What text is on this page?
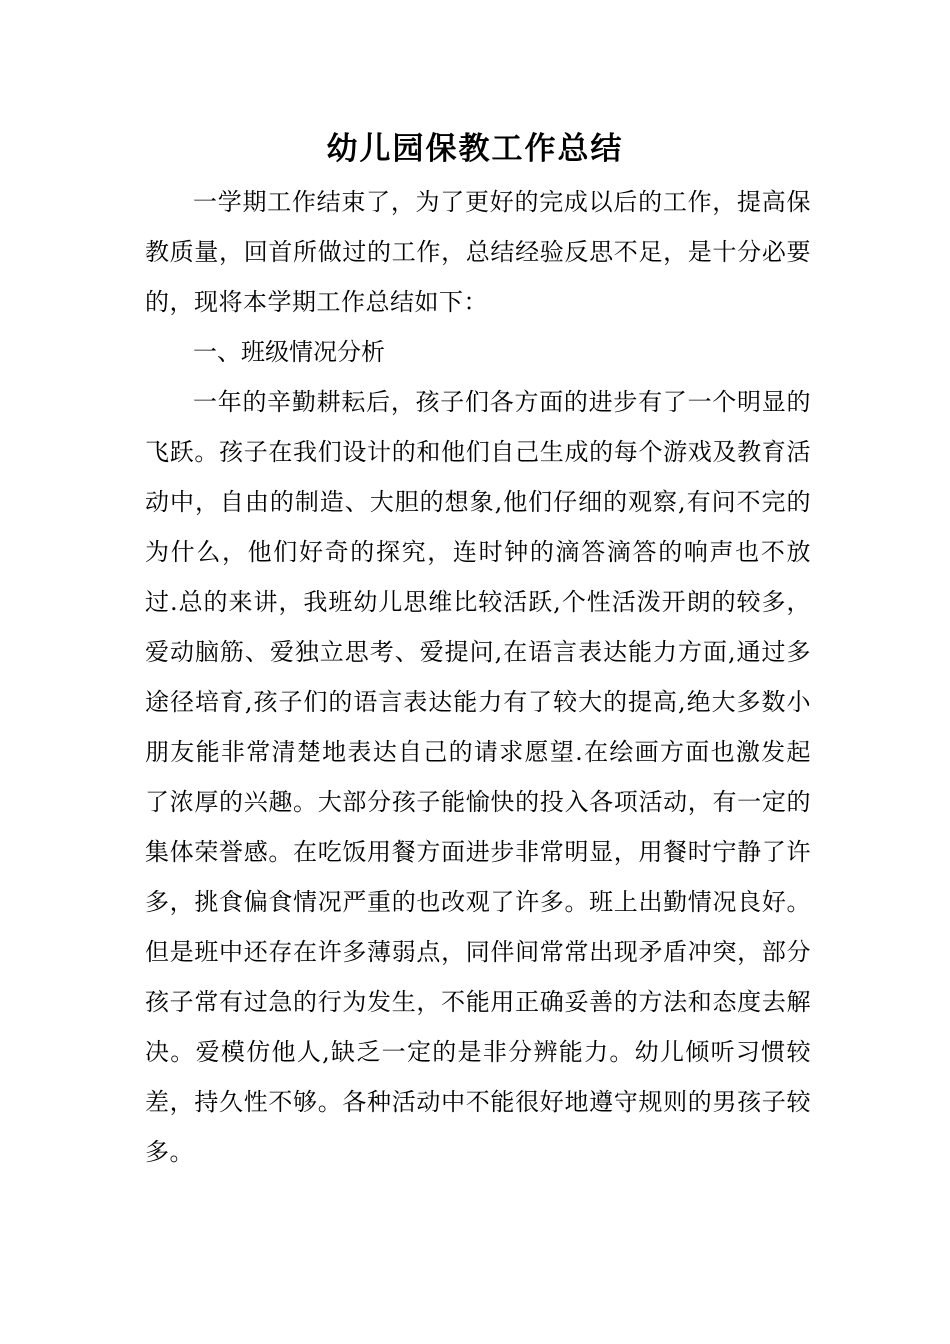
幼儿园保教工作总结

一学期工作结束了，为了更好的完成以后的工作，提高保教质量，回首所做过的工作，总结经验反思不足，是十分必要的，现将本学期工作总结如下：

一、班级情况分析

一年的辛勤耕耘后，孩子们各方面的进步有了一个明显的飞跃。孩子在我们设计的和他们自己生成的每个游戏及教育活动中，自由的制造、大胆的想象,他们仔细的观察,有问不完的为什么，他们好奇的探究，连时钟的滴答滴答的响声也不放过.总的来讲，我班幼儿思维比较活跃,个性活泼开朗的较多，爱动脑筋、爱独立思考、爱提问,在语言表达能力方面,通过多途径培育,孩子们的语言表达能力有了较大的提高,绝大多数小朋友能非常清楚地表达自己的请求愿望.在绘画方面也激发起了浓厚的兴趣。大部分孩子能愉快的投入各项活动，有一定的集体荣誉感。在吃饭用餐方面进步非常明显，用餐时宁静了许多，挑食偏食情况严重的也改观了许多。班上出勤情况良好。但是班中还存在许多薄弱点，同伴间常常出现矛盾冲突，部分孩子常有过急的行为发生，不能用正确妥善的方法和态度去解决。爱模仿他人,缺乏一定的是非分辨能力。幼儿倾听习惯较差，持久性不够。各种活动中不能很好地遵守规则的男孩子较多。
